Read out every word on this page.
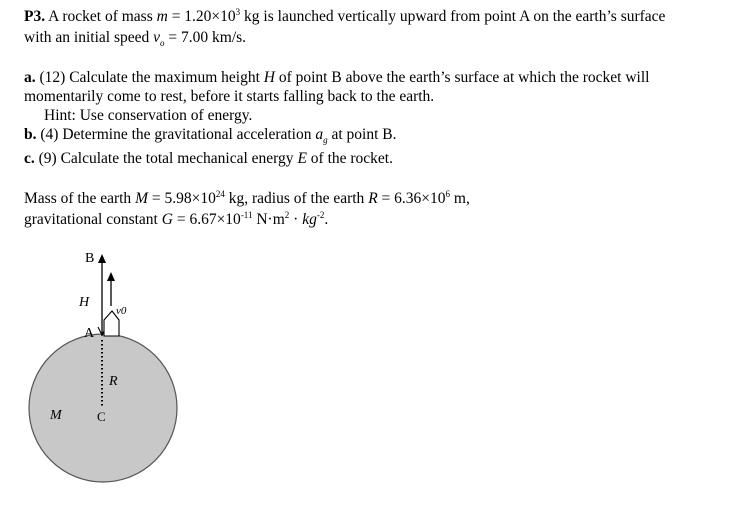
P3. A rocket of mass $m = 1.20\times 10^3$ kg is launched vertically upward from point A on the earth’s surface
with an initial speed $v_o = 7.00$ km/s.
a. (12) Calculate the maximum height H of point B above the earth’s surface at which the rocket will
momentarily come to rest, before it starts falling back to the earth.
Hint: Use conservation of energy.
b. (4) Determine the gravitational acceleration $a_g$ at point B.
c. (9) Calculate the total mechanical energy E of the rocket.
Mass of the earth $M = 5.98\times 10^{24}$ kg, radius of the earth $R = 6.36\times 10^6$ m,
gravitational constant $G = 6.67\times 10^{-11}$ $N\cdot m^2 \cdot kg^{-2}$.
B
H
A
v0
R
M	C
